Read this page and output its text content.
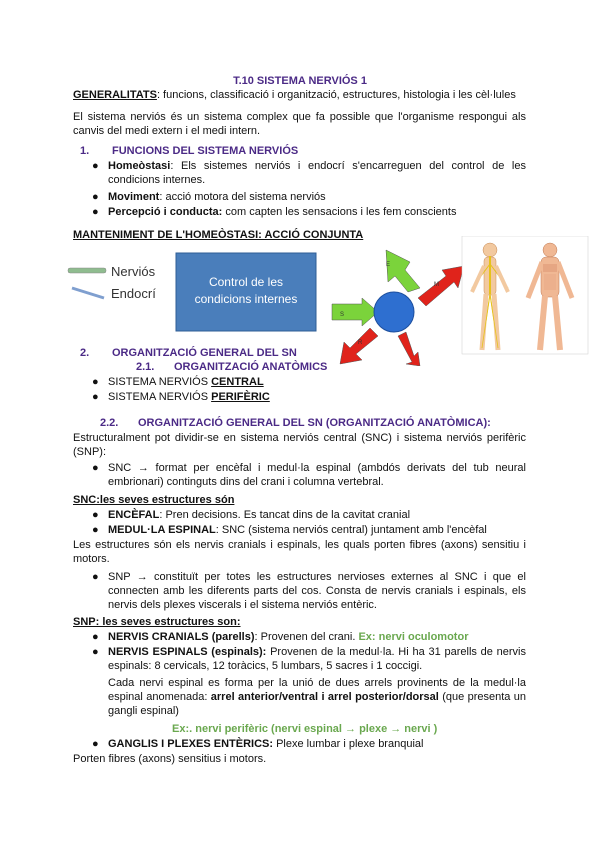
T.10 SISTEMA NERVIÓS 1
GENERALITATS: funcions, classificació i organització, estructures, histologia i les cèl·lules
El sistema nerviós és un sistema complex que fa possible que l'organisme respongui als canvis del medi extern i el medi intern.
1. FUNCIONS DEL SISTEMA NERVIÓS
● Homeòstasi: Els sistemes nerviós i endocrí s'encarreguen del control de les condicions internes.
● Moviment: acció motora del sistema nerviós
● Percepció i conducta: com capten les sensacions i les fem conscients
MANTENIMENT DE L'HOMEÒSTASI: ACCIÓ CONJUNTA
Nerviós
Endocrí
Control de les
condicions internes
E
S
M
R
2. ORGANITZACIÓ GENERAL DEL SN
2.1. ORGANITZACIÓ ANATÒMICS
● SISTEMA NERVIÓS CENTRAL
● SISTEMA NERVIÓS PERIFÈRIC
2.2. ORGANITZACIÓ GENERAL DEL SN (ORGANITZACIÓ ANATÒMICA):
Estructuralment pot dividir-se en sistema nerviós central (SNC) i sistema nerviós perifèric (SNP):
● SNC → format per encèfal i medul·la espinal (ambdós derivats del tub neural embrionari) continguts dins del crani i columna vertebral.
SNC:les seves estructures són
● ENCÈFAL: Pren decisions. Es tancat dins de la cavitat cranial
● MEDUL·LA ESPINAL: SNC (sistema nerviós central) juntament amb l'encèfal
Les estructures són els nervis cranials i espinals, les quals porten fibres (axons) sensitiu i motors.
● SNP → constituït per totes les estructures nervioses externes al SNC i que el connecten amb les diferents parts del cos. Consta de nervis cranials i espinals, els nervis dels plexes viscerals i el sistema nerviós entèric.
SNP: les seves estructures son:
● NERVIS CRANIALS (parells): Provenen del crani. Ex: nervi oculomotor
● NERVIS ESPINALS (espinals): Provenen de la medul·la. Hi ha 31 parells de nervis espinals: 8 cervicals, 12 toràcics, 5 lumbars, 5 sacres i 1 coccigi.
Cada nervi espinal es forma per la unió de dues arrels provinents de la medul·la espinal anomenada: arrel anterior/ventral i arrel posterior/dorsal (que presenta un gangli espinal)
Ex:. nervi perifèric (nervi espinal → plexe → nervi )
● GANGLIS I PLEXES ENTÈRICS: Plexe lumbar i plexe branquial
Porten fibres (axons) sensitius i motors.
